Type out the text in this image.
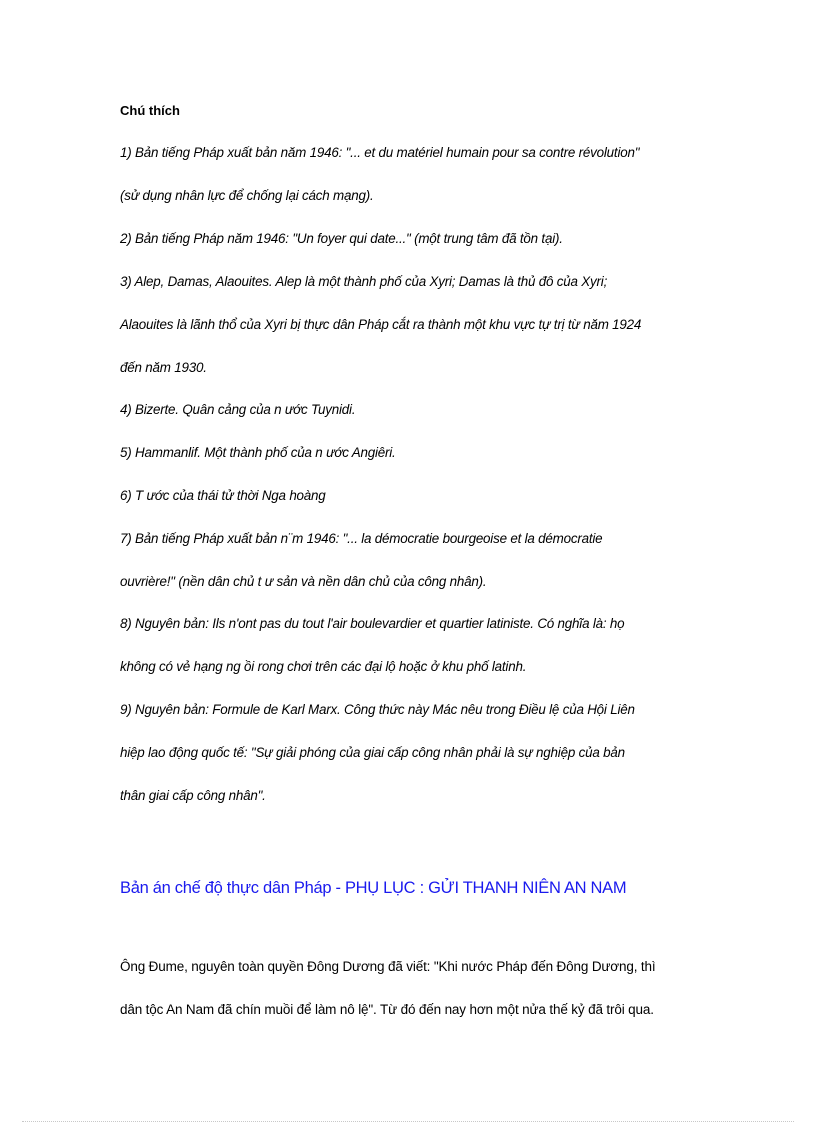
Chú thích
1) Bản tiếng Pháp xuất bản năm 1946: "... et du matériel humain pour sa contre révolution"
(sử dụng nhân lực để chống lại cách mạng).
2) Bản tiếng Pháp năm 1946: "Un foyer qui date..." (một trung tâm đã tồn tại).
3) Alep, Damas, Alaouites. Alep là một thành phố của Xyri; Damas là thủ đô của Xyri;
Alaouites là lãnh thổ của Xyri bị thực dân Pháp cắt ra thành một khu vực tự trị từ năm 1924
đến năm 1930.
4) Bizerte. Quân cảng của n ước Tuynidi.
5) Hammanlif. Một thành phố của n ước Angiêri.
6) T ước của thái tử thời Nga hoàng
7) Bản tiếng Pháp xuất bản n¨m 1946: "... la démocratie bourgeoise et la démocratie
ouvrière!" (nền dân chủ t ư sản và nền dân chủ của công nhân).
8) Nguyên bản: Ils n'ont pas du tout l'air boulevardier et quartier latiniste. Có nghĩa là: họ
không có vẻ hạng ng ồi rong chơi trên các đại lộ hoặc ở khu phố latinh.
9) Nguyên bản: Formule de Karl Marx. Công thức này Mác nêu trong Điều lệ của Hội Liên
hiệp lao động quốc tế: "Sự giải phóng của giai cấp công nhân phải là sự nghiệp của bản
thân giai cấp công nhân".
Bản án chế độ thực dân Pháp - PHỤ LỤC : GỬI THANH NIÊN AN NAM
Ông Đume, nguyên toàn quyền Đông Dương đã viết: "Khi nước Pháp đến Đông Dương, thì
dân tộc An Nam đã chín muồi để làm nô lệ". Từ đó đến nay hơn một nửa thế kỷ đã trôi qua.
